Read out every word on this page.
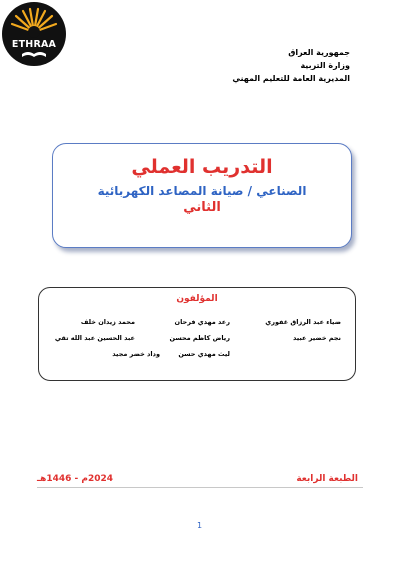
ETHRAA
جمهورية العراق
وزارة التربية
المديرية العامة للتعليم المهني
التدريب العملي
الصناعي / صيانة المصاعد الكهربائية
الثاني
المؤلفون
ضياء عبد الرزاق غفوري
رعد مهدي فرحان
محمد زيدان خلف
نجم خضير عبيد
رياض كاظم محسن
عبد الحسين عبد الله تقي
ليث مهدي حسن
وداد خضر مجيد
الطبعة الرابعة
2024م - 1446هـ
1
